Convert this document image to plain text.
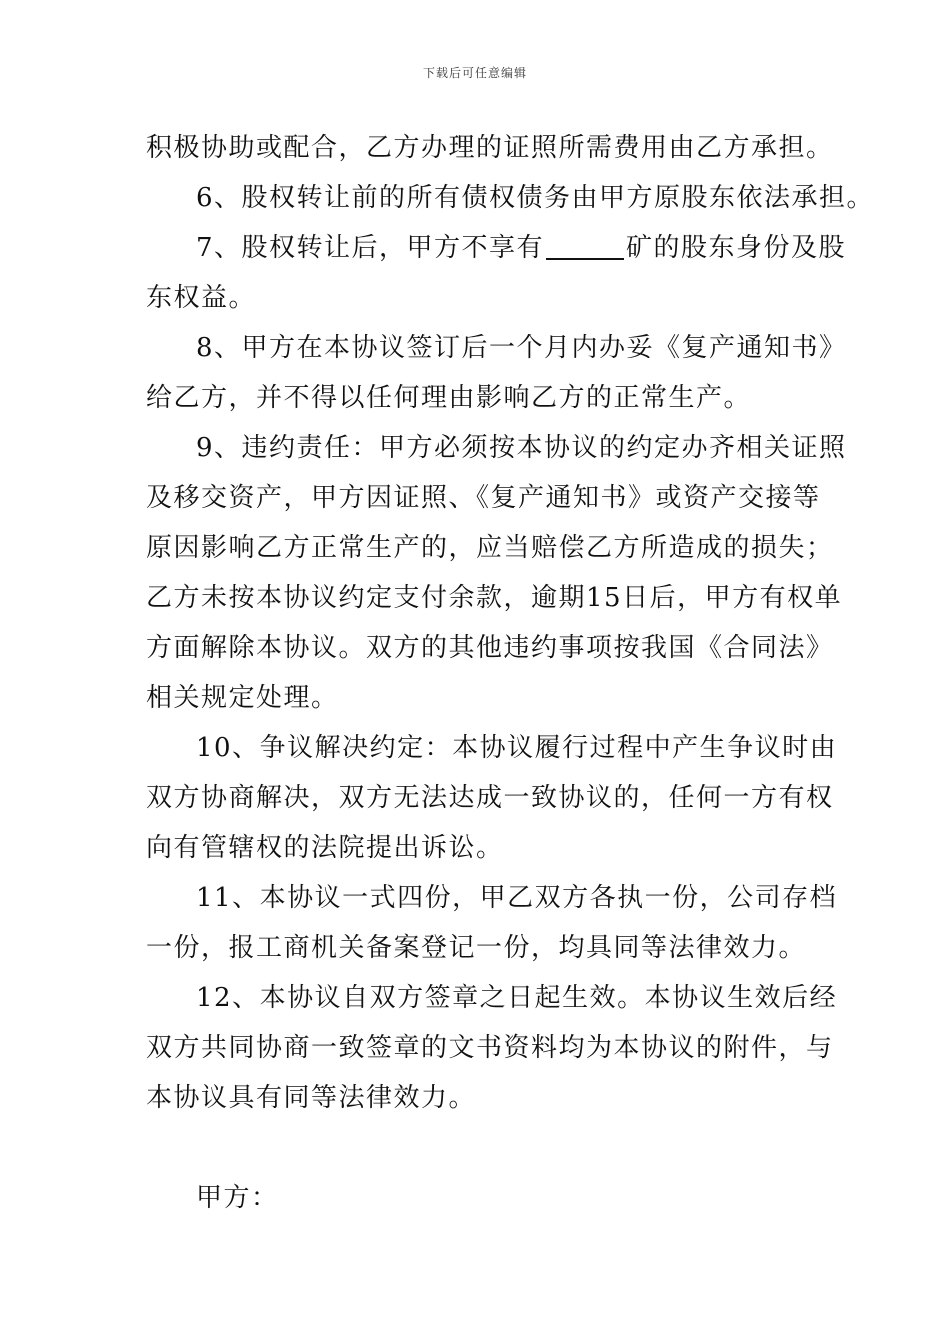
下载后可任意编辑
积极协助或配合，乙方办理的证照所需费用由乙方承担。
6、股权转让前的所有债权债务由甲方原股东依法承担。
7、股权转让后，甲方不享有	矿的股东身份及股
东权益。
8、甲方在本协议签订后一个月内办妥《复产通知书》
给乙方，并不得以任何理由影响乙方的正常生产。
9、违约责任：甲方必须按本协议的约定办齐相关证照
及移交资产，甲方因证照、《复产通知书》或资产交接等
原因影响乙方正常生产的，应当赔偿乙方所造成的损失；
乙方未按本协议约定支付余款，逾期15日后，甲方有权单
方面解除本协议。双方的其他违约事项按我国《合同法》
相关规定处理。
10、争议解决约定：本协议履行过程中产生争议时由
双方协商解决，双方无法达成一致协议的，任何一方有权
向有管辖权的法院提出诉讼。
11、本协议一式四份，甲乙双方各执一份，公司存档
一份，报工商机关备案登记一份，均具同等法律效力。
12、本协议自双方签章之日起生效。本协议生效后经
双方共同协商一致签章的文书资料均为本协议的附件，与
本协议具有同等法律效力。
甲方：
